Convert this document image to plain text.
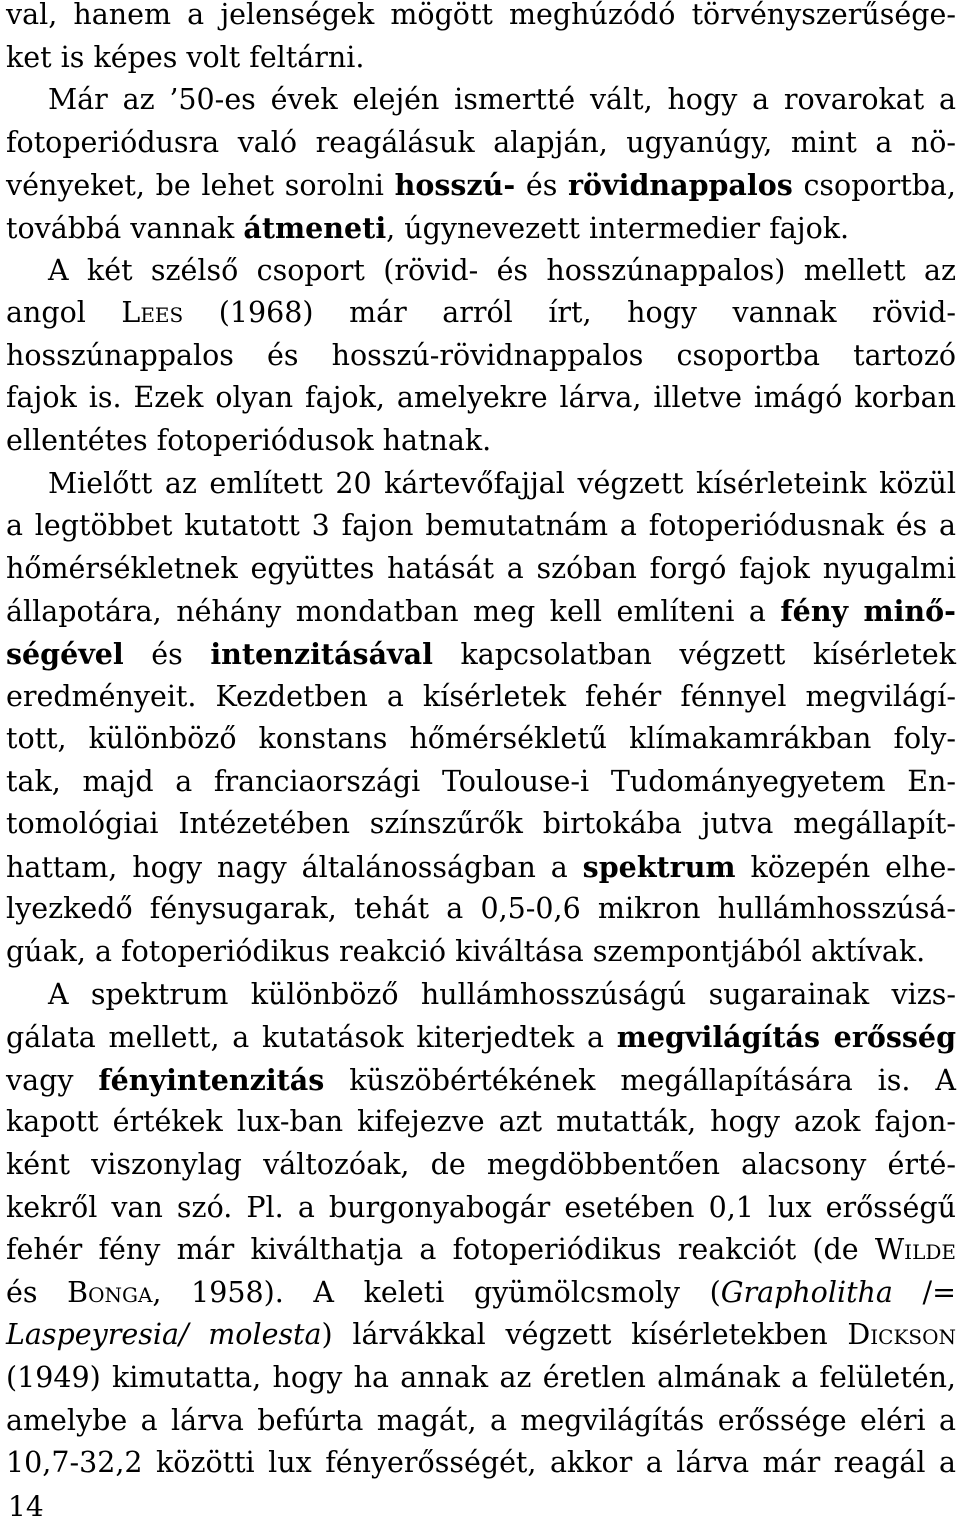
val, hanem a jelenségek mögött meghúzódó törvényszerűsége-
ket is képes volt feltárni.
Már az ’50-es évek elején ismertté vált, hogy a rovarokat a
fotoperiódusra való reagálásuk alapján, ugyanúgy, mint a nö-
vényeket, be lehet sorolni hosszú- és rövidnappalos csoportba,
továbbá vannak átmeneti, úgynevezett intermedier fajok.
A két szélső csoport (rövid- és hosszúnappalos) mellett az
angol Lees (1968) már arról írt, hogy vannak rövid-
hosszúnappalos és hosszú-rövidnappalos csoportba tartozó
fajok is. Ezek olyan fajok, amelyekre lárva, illetve imágó korban
ellentétes fotoperiódusok hatnak.
Mielőtt az említett 20 kártevőfajjal végzett kísérleteink közül
a legtöbbet kutatott 3 fajon bemutatnám a fotoperiódusnak és a
hőmérsékletnek együttes hatását a szóban forgó fajok nyugalmi
állapotára, néhány mondatban meg kell említeni a fény minő-
ségével és intenzitásával kapcsolatban végzett kísérletek
eredményeit. Kezdetben a kísérletek fehér fénnyel megvilágí-
tott, különböző konstans hőmérsékletű klímakamrákban foly-
tak, majd a franciaországi Toulouse-i Tudományegyetem En-
tomológiai Intézetében színszűrők birtokába jutva megállapít-
hattam, hogy nagy általánosságban a spektrum közepén elhe-
lyezkedő fénysugarak, tehát a 0,5-0,6 mikron hullámhosszúsá-
gúak, a fotoperiódikus reakció kiváltása szempontjából aktívak.
A spektrum különböző hullámhosszúságú sugarainak vizs-
gálata mellett, a kutatások kiterjedtek a megvilágítás erősség
vagy fényintenzitás küszöbértékének megállapítására is. A
kapott értékek lux-ban kifejezve azt mutatták, hogy azok fajon-
ként viszonylag változóak, de megdöbbentően alacsony érté-
kekről van szó. Pl. a burgonyabogár esetében 0,1 lux erősségű
fehér fény már kiválthatja a fotoperiódikus reakciót (de Wilde
és Bonga, 1958). A keleti gyümölcsmoly (Grapholitha /=
Laspeyresia/ molesta) lárvákkal végzett kísérletekben Dickson
(1949) kimutatta, hogy ha annak az éretlen almának a felületén,
amelybe a lárva befúrta magát, a megvilágítás erőssége eléri a
10,7-32,2 közötti lux fényerősségét, akkor a lárva már reagál a
14
